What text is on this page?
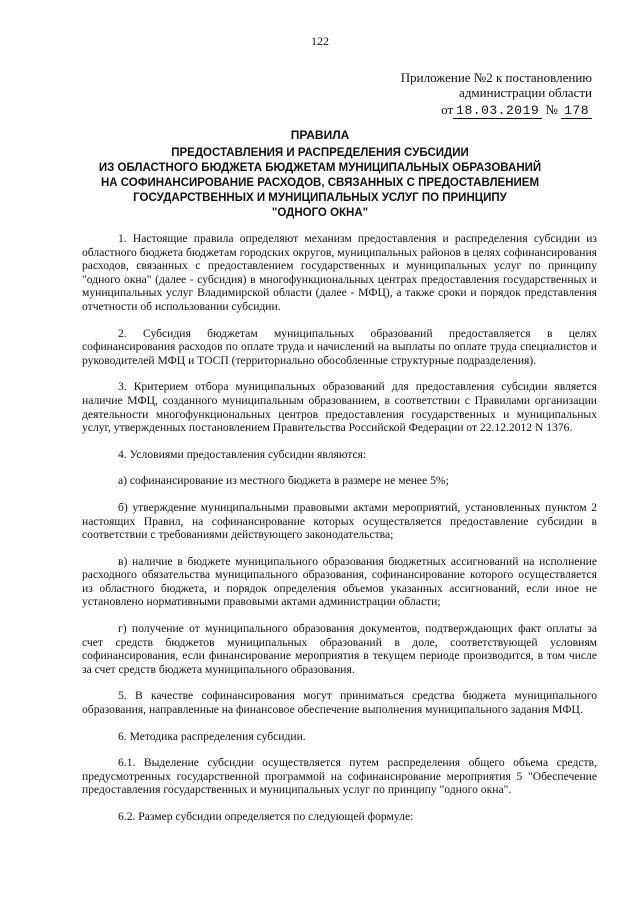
122
Приложение №2 к постановлению
администрации области
от 18.03.2019 № 178
ПРАВИЛА
ПРЕДОСТАВЛЕНИЯ И РАСПРЕДЕЛЕНИЯ СУБСИДИИ
ИЗ ОБЛАСТНОГО БЮДЖЕТА БЮДЖЕТАМ МУНИЦИПАЛЬНЫХ ОБРАЗОВАНИЙ
НА СОФИНАНСИРОВАНИЕ РАСХОДОВ, СВЯЗАННЫХ С ПРЕДОСТАВЛЕНИЕМ
ГОСУДАРСТВЕННЫХ И МУНИЦИПАЛЬНЫХ УСЛУГ ПО ПРИНЦИПУ
"ОДНОГО ОКНА"

1. Настоящие правила определяют механизм предоставления и распределения субсидии из областного бюджета бюджетам городских округов, муниципальных районов в целях софинансирования расходов, связанных с предоставлением государственных и муниципальных услуг по принципу "одного окна" (далее - субсидия) в многофункциональных центрах предоставления государственных и муниципальных услуг Владимирской области (далее - МФЦ), а также сроки и порядок представления отчетности об использовании субсидии.

2. Субсидия бюджетам муниципальных образований предоставляется в целях софинансирования расходов по оплате труда и начислений на выплаты по оплате труда специалистов и руководителей МФЦ и ТОСП (территориально обособленные структурные подразделения).

3. Критерием отбора муниципальных образований для предоставления субсидии является наличие МФЦ, созданного муниципальным образованием, в соответствии с Правилами организации деятельности многофункциональных центров предоставления государственных и муниципальных услуг, утвержденных постановлением Правительства Российской Федерации от 22.12.2012 N 1376.

4. Условиями предоставления субсидии являются:

а) софинансирование из местного бюджета в размере не менее 5%;

б) утверждение муниципальными правовыми актами мероприятий, установленных пунктом 2 настоящих Правил, на софинансирование которых осуществляется предоставление субсидии в соответствии с требованиями действующего законодательства;

в) наличие в бюджете муниципального образования бюджетных ассигнований на исполнение расходного обязательства муниципального образования, софинансирование которого осуществляется из областного бюджета, и порядок определения объемов указанных ассигнований, если иное не установлено нормативными правовыми актами администрации области;

г) получение от муниципального образования документов, подтверждающих факт оплаты за счет средств бюджетов муниципальных образований в доле, соответствующей условиям софинансирования, если финансирование мероприятия в текущем периоде производится, в том числе за счет средств бюджета муниципального образования.

5. В качестве софинансирования могут приниматься средства бюджета муниципального образования, направленные на финансовое обеспечение выполнения муниципального задания МФЦ.

6. Методика распределения субсидии.

6.1. Выделение субсидии осуществляется путем распределения общего объема средств, предусмотренных государственной программой на софинансирование мероприятия 5 "Обеспечение предоставления государственных и муниципальных услуг по принципу "одного окна".

6.2. Размер субсидии определяется по следующей формуле:
